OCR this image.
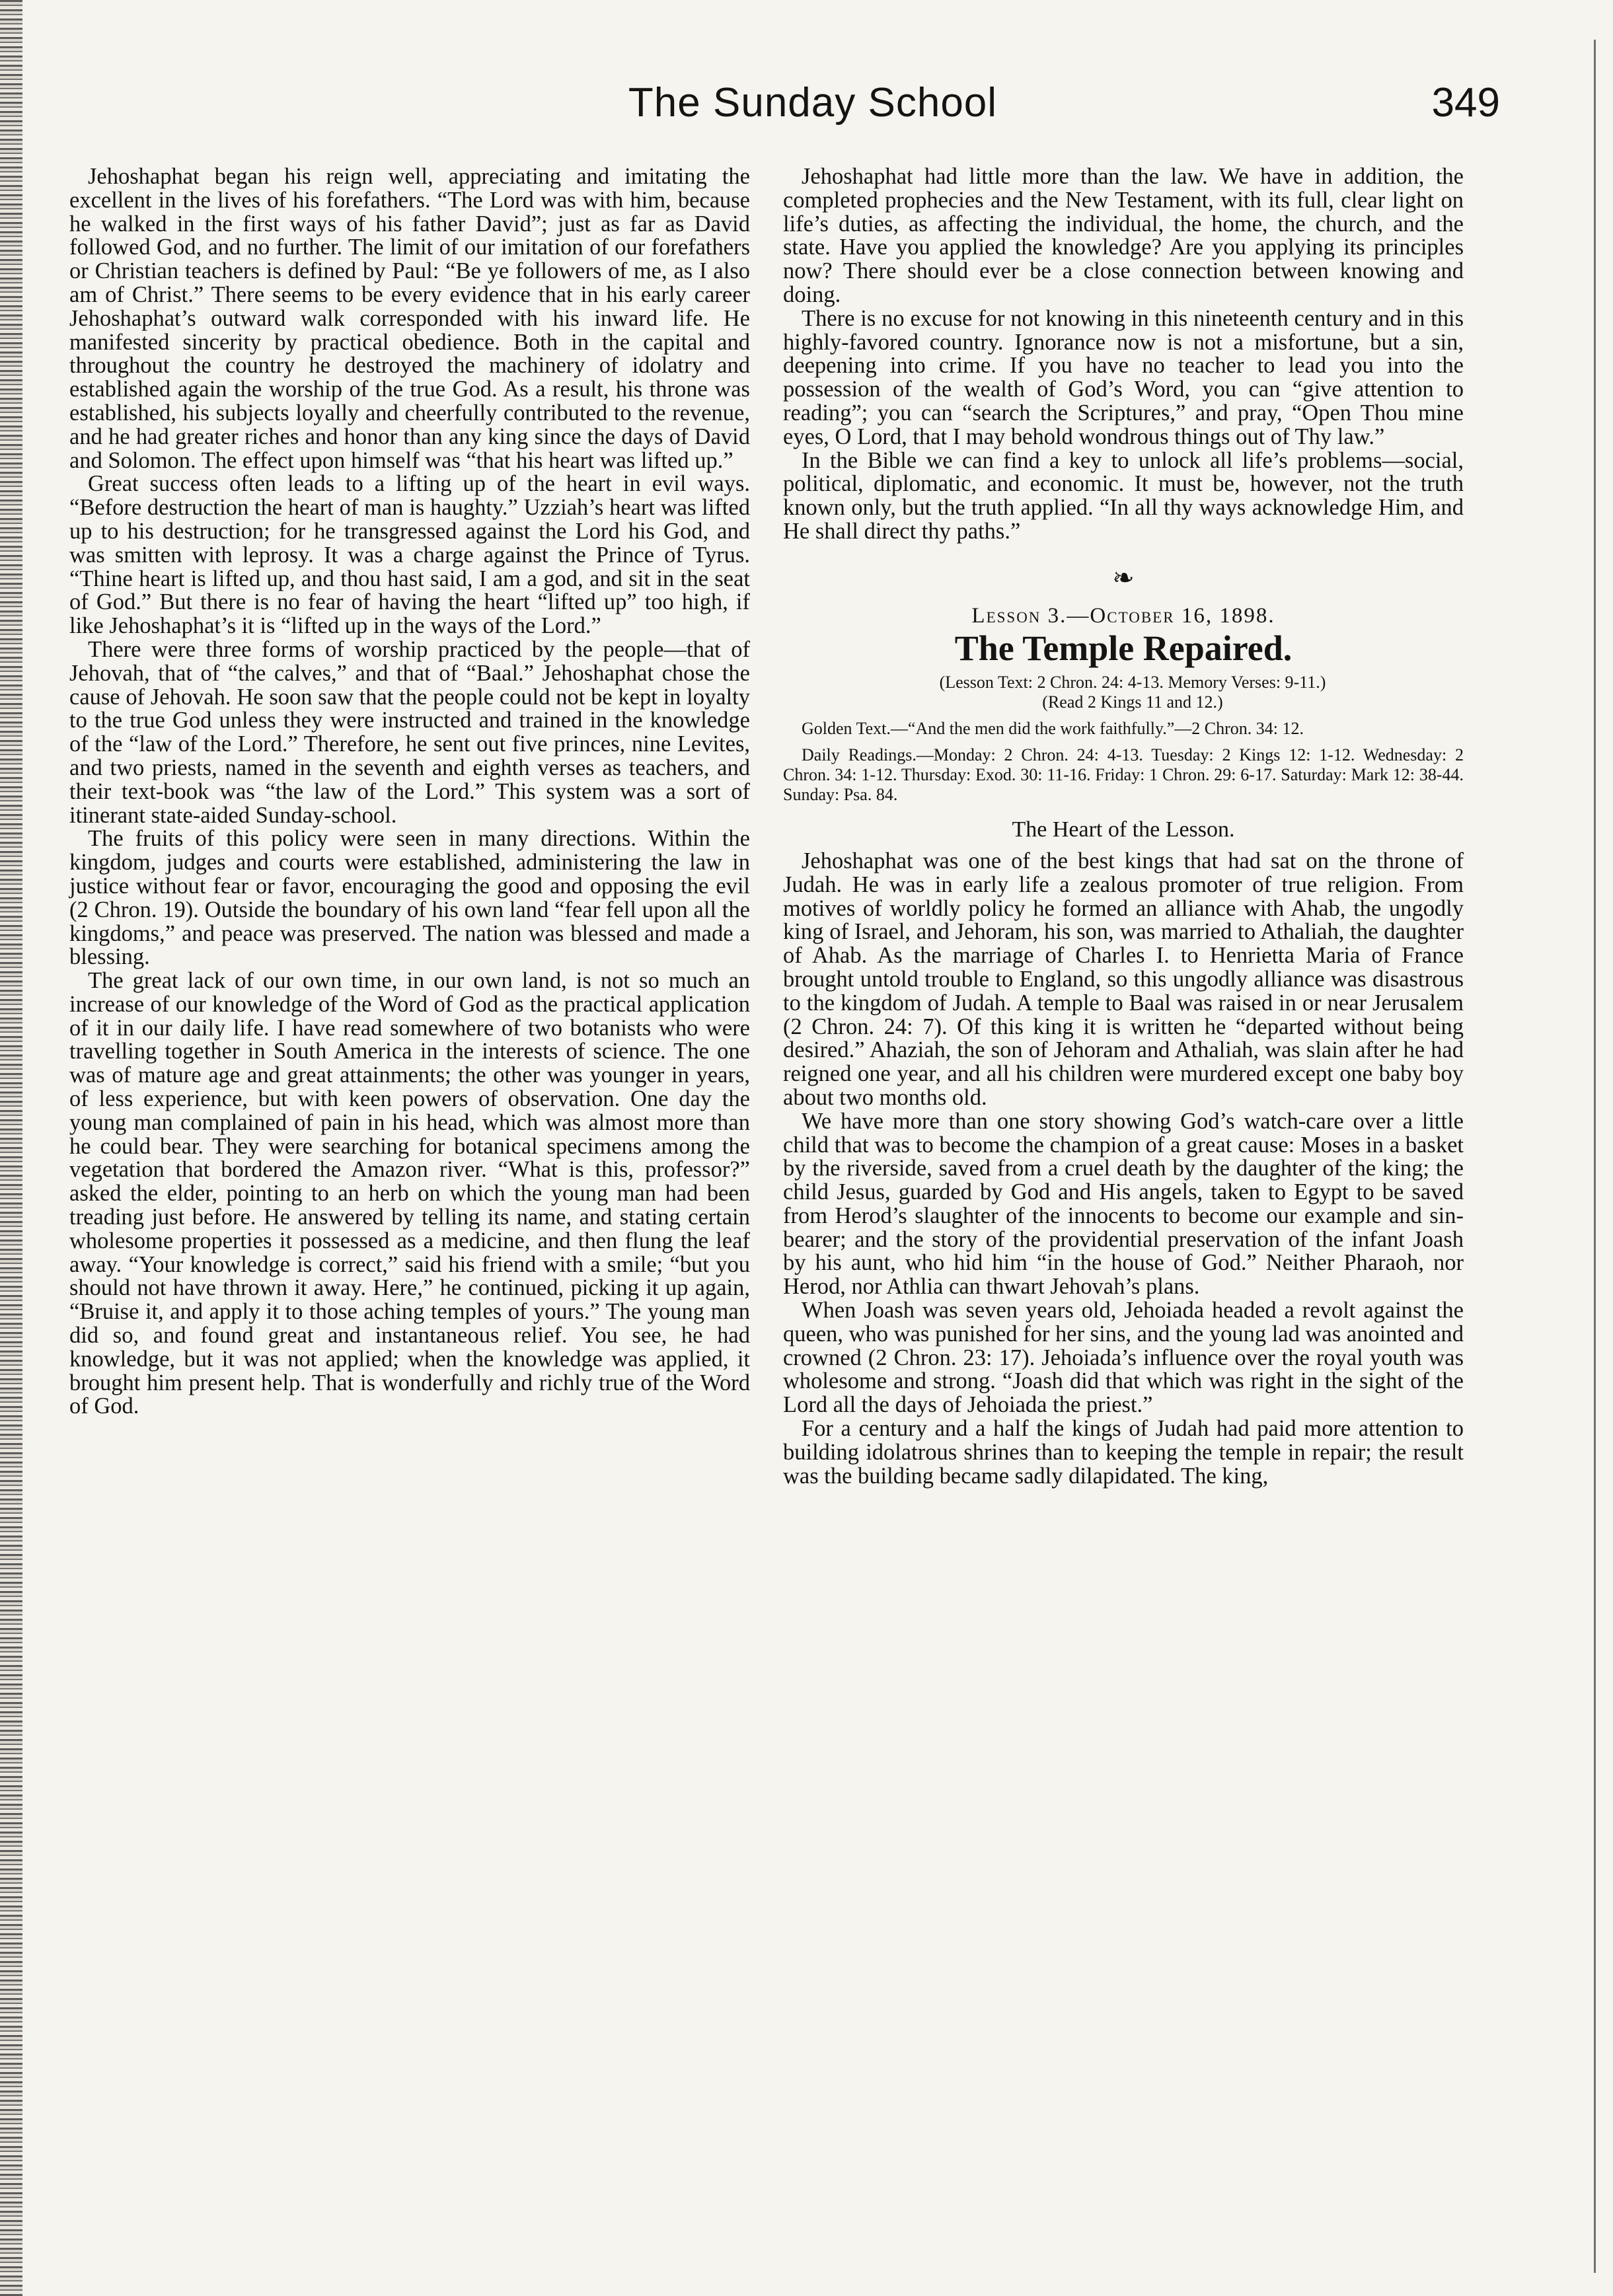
The Sunday School	349

Jehoshaphat began his reign well, appreciating and imitating the excellent in the lives of his forefathers. “The Lord was with him, because he walked in the first ways of his father David”; just as far as David followed God, and no further. The limit of our imitation of our forefathers or Christian teachers is defined by Paul: “Be ye followers of me, as I also am of Christ.” There seems to be every evidence that in his early career Jehoshaphat’s outward walk corresponded with his inward life. He manifested sincerity by practical obedience. Both in the capital and throughout the country he destroyed the machinery of idolatry and established again the worship of the true God. As a result, his throne was established, his subjects loyally and cheerfully contributed to the revenue, and he had greater riches and honor than any king since the days of David and Solomon. The effect upon himself was “that his heart was lifted up.”

Great success often leads to a lifting up of the heart in evil ways. “Before destruction the heart of man is haughty.” Uzziah’s heart was lifted up to his destruction; for he transgressed against the Lord his God, and was smitten with leprosy. It was a charge against the Prince of Tyrus. “Thine heart is lifted up, and thou hast said, I am a god, and sit in the seat of God.” But there is no fear of having the heart “lifted up” too high, if like Jehoshaphat’s it is “lifted up in the ways of the Lord.”

There were three forms of worship practiced by the people—that of Jehovah, that of “the calves,” and that of “Baal.” Jehoshaphat chose the cause of Jehovah. He soon saw that the people could not be kept in loyalty to the true God unless they were instructed and trained in the knowledge of the “law of the Lord.” Therefore, he sent out five princes, nine Levites, and two priests, named in the seventh and eighth verses as teachers, and their text-book was “the law of the Lord.” This system was a sort of itinerant state-aided Sunday-school.

The fruits of this policy were seen in many directions. Within the kingdom, judges and courts were established, administering the law in justice without fear or favor, encouraging the good and opposing the evil (2 Chron. 19). Outside the boundary of his own land “fear fell upon all the kingdoms,” and peace was preserved. The nation was blessed and made a blessing.

The great lack of our own time, in our own land, is not so much an increase of our knowledge of the Word of God as the practical application of it in our daily life. I have read somewhere of two botanists who were travelling together in South America in the interests of science. The one was of mature age and great attainments; the other was younger in years, of less experience, but with keen powers of observation. One day the young man complained of pain in his head, which was almost more than he could bear. They were searching for botanical specimens among the vegetation that bordered the Amazon river. “What is this, professor?” asked the elder, pointing to an herb on which the young man had been treading just before. He answered by telling its name, and stating certain wholesome properties it possessed as a medicine, and then flung the leaf away. “Your knowledge is correct,” said his friend with a smile; “but you should not have thrown it away. Here,” he continued, picking it up again, “Bruise it, and apply it to those aching temples of yours.” The young man did so, and found great and instantaneous relief. You see, he had knowledge, but it was not applied; when the knowledge was applied, it brought him present help. That is wonderfully and richly true of the Word of God.

Jehoshaphat had little more than the law. We have in addition, the completed prophecies and the New Testament, with its full, clear light on life’s duties, as affecting the individual, the home, the church, and the state. Have you applied the knowledge? Are you applying its principles now? There should ever be a close connection between knowing and doing.

There is no excuse for not knowing in this nineteenth century and in this highly-favored country. Ignorance now is not a misfortune, but a sin, deepening into crime. If you have no teacher to lead you into the possession of the wealth of God’s Word, you can “give attention to reading”; you can “search the Scriptures,” and pray, “Open Thou mine eyes, O Lord, that I may behold wondrous things out of Thy law.”

In the Bible we can find a key to unlock all life’s problems—social, political, diplomatic, and economic. It must be, however, not the truth known only, but the truth applied. “In all thy ways acknowledge Him, and He shall direct thy paths.”

❧
Lesson 3.—October 16, 1898.
The Temple Repaired.

(Lesson Text: 2 Chron. 24: 4-13. Memory Verses: 9-11.)

(Read 2 Kings 11 and 12.)

Golden Text.—“And the men did the work faithfully.”—2 Chron. 34: 12.

Daily Readings.—Monday: 2 Chron. 24: 4-13. Tuesday: 2 Kings 12: 1-12. Wednesday: 2 Chron. 34: 1-12. Thursday: Exod. 30: 11-16. Friday: 1 Chron. 29: 6-17. Saturday: Mark 12: 38-44. Sunday: Psa. 84.

The Heart of the Lesson.

Jehoshaphat was one of the best kings that had sat on the throne of Judah. He was in early life a zealous promoter of true religion. From motives of worldly policy he formed an alliance with Ahab, the ungodly king of Israel, and Jehoram, his son, was married to Athaliah, the daughter of Ahab. As the marriage of Charles I. to Henrietta Maria of France brought untold trouble to England, so this ungodly alliance was disastrous to the kingdom of Judah. A temple to Baal was raised in or near Jerusalem (2 Chron. 24: 7). Of this king it is written he “departed without being desired.” Ahaziah, the son of Jehoram and Athaliah, was slain after he had reigned one year, and all his children were murdered except one baby boy about two months old.

We have more than one story showing God’s watch-care over a little child that was to become the champion of a great cause: Moses in a basket by the riverside, saved from a cruel death by the daughter of the king; the child Jesus, guarded by God and His angels, taken to Egypt to be saved from Herod’s slaughter of the innocents to become our example and sin-bearer; and the story of the providential preservation of the infant Joash by his aunt, who hid him “in the house of God.” Neither Pharaoh, nor Herod, nor Athlia can thwart Jehovah’s plans.

When Joash was seven years old, Jehoiada headed a revolt against the queen, who was punished for her sins, and the young lad was anointed and crowned (2 Chron. 23: 17). Jehoiada’s influence over the royal youth was wholesome and strong. “Joash did that which was right in the sight of the Lord all the days of Jehoiada the priest.”

For a century and a half the kings of Judah had paid more attention to building idolatrous shrines than to keeping the temple in repair; the result was the building became sadly dilapidated. The king,
